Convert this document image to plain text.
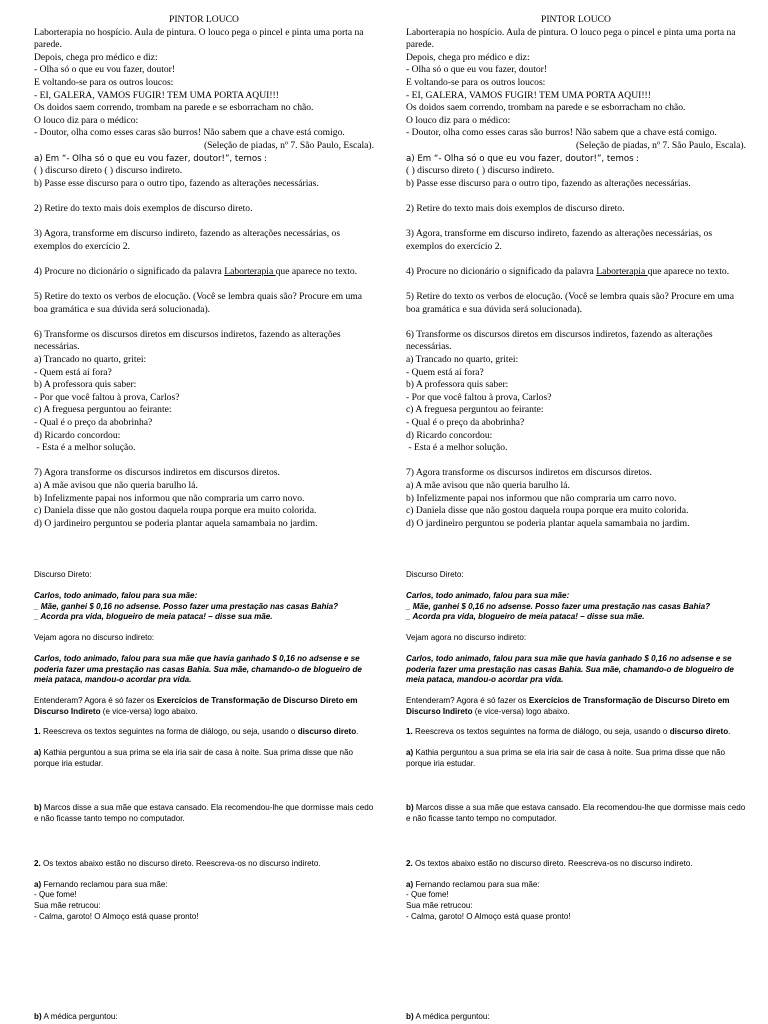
PINTOR LOUCO

Laborterapia no hospício. Aula de pintura. O louco pega o pincel e pinta uma porta na parede.

Depois, chega pro médico e diz:

- Olha só o que eu vou fazer, doutor!

E voltando-se para os outros loucos:

- EI, GALERA, VAMOS FUGIR! TEM UMA PORTA AQUI!!!

Os doidos saem correndo, trombam na parede e se esborracham no chão.

O louco diz para o médico:

- Doutor, olha como esses caras são burros! Não sabem que a chave está comigo.

(Seleção de piadas, nº 7. São Paulo, Escala).

a) Em “- Olha só o que eu vou fazer, doutor!”, temos :

( ) discurso direto ( ) discurso indireto.

b) Passe esse discurso para o outro tipo, fazendo as alterações necessárias.

2) Retire do texto mais dois exemplos de discurso direto.

3) Agora, transforme em discurso indireto, fazendo as alterações necessárias, os exemplos do exercício 2.

4) Procure no dicionário o significado da palavra Laborterapia que aparece no texto.

5) Retire do texto os verbos de elocução. (Você se lembra quais são? Procure em uma boa gramática e sua dúvida será solucionada).

6) Transforme os discursos diretos em discursos indiretos, fazendo as alterações necessárias.

a) Trancado no quarto, gritei:

- Quem está aí fora?

b) A professora quis saber:

- Por que você faltou à prova, Carlos?

c) A freguesa perguntou ao feirante:

- Qual é o preço da abobrinha?

d) Ricardo concordou:

- Esta é a melhor solução.

7) Agora transforme os discursos indiretos em discursos diretos.

a) A mãe avisou que não queria barulho lá.

b) Infelizmente papai nos informou que não compraria um carro novo.

c) Daniela disse que não gostou daquela roupa porque era muito colorida.

d) O jardineiro perguntou se poderia plantar aquela samambaia no jardim.

Discurso Direto:

Carlos, todo animado, falou para sua mãe:

_ Mãe, ganhei $ 0,16 no adsense. Posso fazer uma prestação nas casas Bahia?

_ Acorda pra vida, blogueiro de meia pataca! – disse sua mãe.

Vejam agora no discurso indireto:

Carlos, todo animado, falou para sua mãe que havia ganhado $ 0,16 no adsense e se poderia fazer uma prestação nas casas Bahia. Sua mãe, chamando-o de blogueiro de meia pataca, mandou-o acordar pra vida.

Entenderam? Agora é só fazer os Exercícios de Transformação de Discurso Direto em Discurso Indireto (e vice-versa) logo abaixo.

1. Reescreva os textos seguintes na forma de diálogo, ou seja, usando o discurso direto.

a) Kathia perguntou a sua prima se ela iria sair de casa à noite. Sua prima disse que não porque iria estudar.

b) Marcos disse a sua mãe que estava cansado. Ela recomendou-lhe que dormisse mais cedo e não ficasse tanto tempo no computador.

2. Os textos abaixo estão no discurso direto. Reescreva-os no discurso indireto.

a) Fernando reclamou para sua mãe:

- Que fome!

Sua mãe retrucou:

- Calma, garoto! O Almoço está quase pronto!

b) A médica perguntou:

PINTOR LOUCO

Laborterapia no hospício. Aula de pintura. O louco pega o pincel e pinta uma porta na parede.

Depois, chega pro médico e diz:

- Olha só o que eu vou fazer, doutor!

E voltando-se para os outros loucos:

- EI, GALERA, VAMOS FUGIR! TEM UMA PORTA AQUI!!!

Os doidos saem correndo, trombam na parede e se esborracham no chão.

O louco diz para o médico:

- Doutor, olha como esses caras são burros! Não sabem que a chave está comigo.

(Seleção de piadas, nº 7. São Paulo, Escala).

a) Em “- Olha só o que eu vou fazer, doutor!”, temos :

( ) discurso direto ( ) discurso indireto.

b) Passe esse discurso para o outro tipo, fazendo as alterações necessárias.

2) Retire do texto mais dois exemplos de discurso direto.

3) Agora, transforme em discurso indireto, fazendo as alterações necessárias, os exemplos do exercício 2.

4) Procure no dicionário o significado da palavra Laborterapia que aparece no texto.

5) Retire do texto os verbos de elocução. (Você se lembra quais são? Procure em uma boa gramática e sua dúvida será solucionada).

6) Transforme os discursos diretos em discursos indiretos, fazendo as alterações necessárias.

a) Trancado no quarto, gritei:

- Quem está aí fora?

b) A professora quis saber:

- Por que você faltou à prova, Carlos?

c) A freguesa perguntou ao feirante:

- Qual é o preço da abobrinha?

d) Ricardo concordou:

- Esta é a melhor solução.

7) Agora transforme os discursos indiretos em discursos diretos.

a) A mãe avisou que não queria barulho lá.

b) Infelizmente papai nos informou que não compraria um carro novo.

c) Daniela disse que não gostou daquela roupa porque era muito colorida.

d) O jardineiro perguntou se poderia plantar aquela samambaia no jardim.

Discurso Direto:

Carlos, todo animado, falou para sua mãe:

_ Mãe, ganhei $ 0,16 no adsense. Posso fazer uma prestação nas casas Bahia?

_ Acorda pra vida, blogueiro de meia pataca! – disse sua mãe.

Vejam agora no discurso indireto:

Carlos, todo animado, falou para sua mãe que havia ganhado $ 0,16 no adsense e se poderia fazer uma prestação nas casas Bahia. Sua mãe, chamando-o de blogueiro de meia pataca, mandou-o acordar pra vida.

Entenderam? Agora é só fazer os Exercícios de Transformação de Discurso Direto em Discurso Indireto (e vice-versa) logo abaixo.

1. Reescreva os textos seguintes na forma de diálogo, ou seja, usando o discurso direto.

a) Kathia perguntou a sua prima se ela iria sair de casa à noite. Sua prima disse que não porque iria estudar.

b) Marcos disse a sua mãe que estava cansado. Ela recomendou-lhe que dormisse mais cedo e não ficasse tanto tempo no computador.

2. Os textos abaixo estão no discurso direto. Reescreva-os no discurso indireto.

a) Fernando reclamou para sua mãe:

- Que fome!

Sua mãe retrucou:

- Calma, garoto! O Almoço está quase pronto!

b) A médica perguntou:
